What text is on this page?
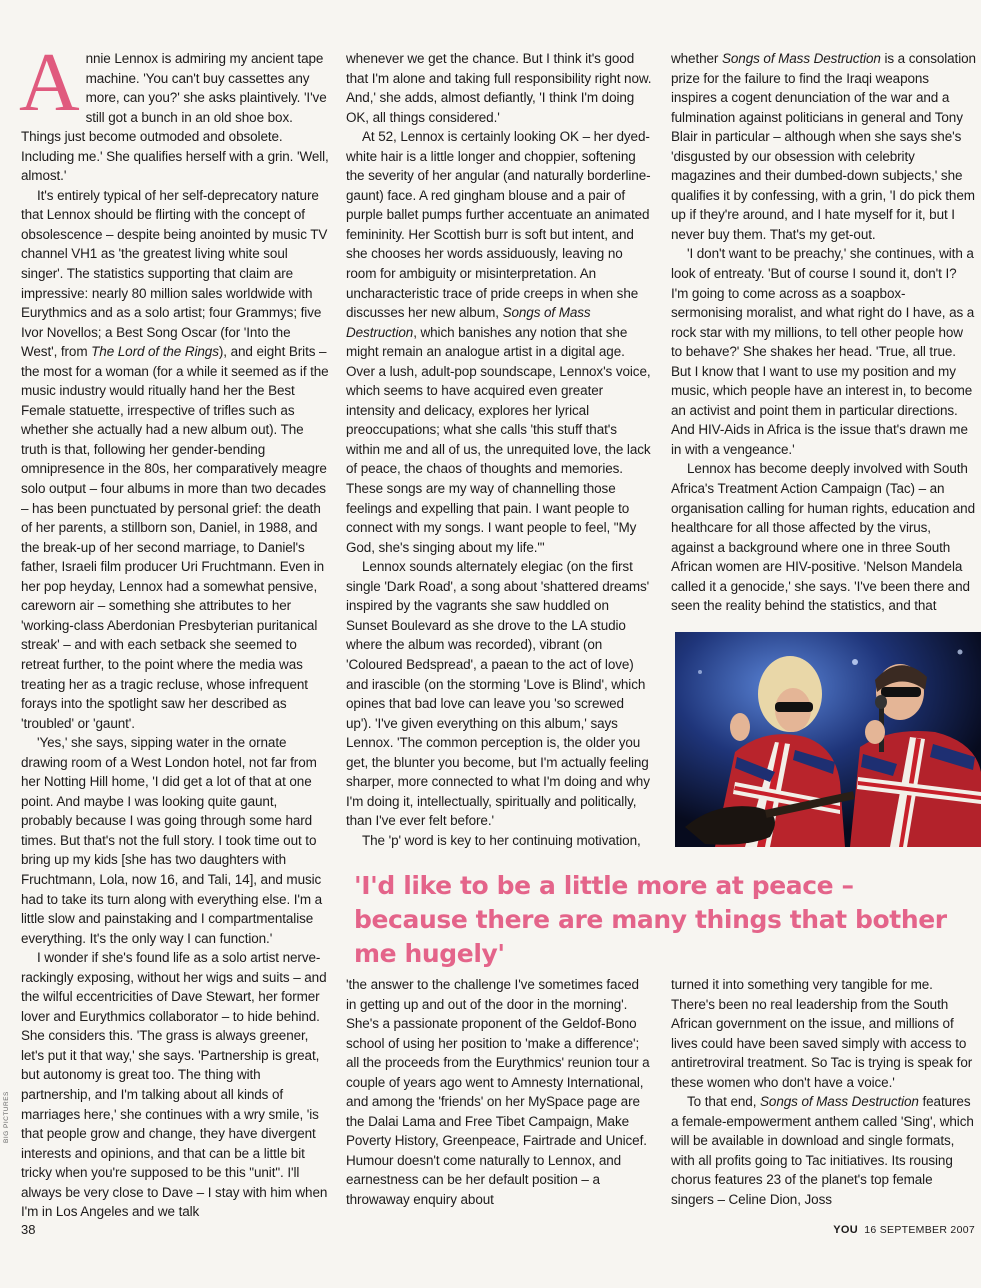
BIG PICTURES

Annie Lennox is admiring my ancient tape machine. 'You can't buy cassettes any more, can you?' she asks plaintively. 'I've still got a bunch in an old shoe box. Things just become outmoded and obsolete. Including me.' She qualifies herself with a grin. 'Well, almost.'

It's entirely typical of her self-deprecatory nature that Lennox should be flirting with the concept of obsolescence – despite being anointed by music TV channel VH1 as 'the greatest living white soul singer'. The statistics supporting that claim are impressive: nearly 80 million sales worldwide with Eurythmics and as a solo artist; four Grammys; five Ivor Novellos; a Best Song Oscar (for 'Into the West', from The Lord of the Rings), and eight Brits – the most for a woman (for a while it seemed as if the music industry would ritually hand her the Best Female statuette, irrespective of trifles such as whether she actually had a new album out). The truth is that, following her gender-bending omnipresence in the 80s, her comparatively meagre solo output – four albums in more than two decades – has been punctuated by personal grief: the death of her parents, a stillborn son, Daniel, in 1988, and the break-up of her second marriage, to Daniel's father, Israeli film producer Uri Fruchtmann. Even in her pop heyday, Lennox had a somewhat pensive, careworn air – something she attributes to her 'working-class Aberdonian Presbyterian puritanical streak' – and with each setback she seemed to retreat further, to the point where the media was treating her as a tragic recluse, whose infrequent forays into the spotlight saw her described as 'troubled' or 'gaunt'.

'Yes,' she says, sipping water in the ornate drawing room of a West London hotel, not far from her Notting Hill home, 'I did get a lot of that at one point. And maybe I was looking quite gaunt, probably because I was going through some hard times. But that's not the full story. I took time out to bring up my kids [she has two daughters with Fruchtmann, Lola, now 16, and Tali, 14], and music had to take its turn along with everything else. I'm a little slow and painstaking and I compartmentalise everything. It's the only way I can function.'

I wonder if she's found life as a solo artist nerve-rackingly exposing, without her wigs and suits – and the wilful eccentricities of Dave Stewart, her former lover and Eurythmics collaborator – to hide behind. She considers this. 'The grass is always greener, let's put it that way,' she says. 'Partnership is great, but autonomy is great too. The thing with partnership, and I'm talking about all kinds of marriages here,' she continues with a wry smile, 'is that people grow and change, they have divergent interests and opinions, and that can be a little bit tricky when you're supposed to be this "unit". I'll always be very close to Dave – I stay with him when I'm in Los Angeles and we talk

whenever we get the chance. But I think it's good that I'm alone and taking full responsibility right now. And,' she adds, almost defiantly, 'I think I'm doing OK, all things considered.'

At 52, Lennox is certainly looking OK – her dyed-white hair is a little longer and choppier, softening the severity of her angular (and naturally borderline-gaunt) face. A red gingham blouse and a pair of purple ballet pumps further accentuate an animated femininity. Her Scottish burr is soft but intent, and she chooses her words assiduously, leaving no room for ambiguity or misinterpretation. An uncharacteristic trace of pride creeps in when she discusses her new album, Songs of Mass Destruction, which banishes any notion that she might remain an analogue artist in a digital age. Over a lush, adult-pop soundscape, Lennox's voice, which seems to have acquired even greater intensity and delicacy, explores her lyrical preoccupations; what she calls 'this stuff that's within me and all of us, the unrequited love, the lack of peace, the chaos of thoughts and memories. These songs are my way of channelling those feelings and expelling that pain. I want people to connect with my songs. I want people to feel, "My God, she's singing about my life."'

Lennox sounds alternately elegiac (on the first single 'Dark Road', a song about 'shattered dreams' inspired by the vagrants she saw huddled on Sunset Boulevard as she drove to the LA studio where the album was recorded), vibrant (on 'Coloured Bedspread', a paean to the act of love) and irascible (on the storming 'Love is Blind', which opines that bad love can leave you 'so screwed up'). 'I've given everything on this album,' says Lennox. 'The common perception is, the older you get, the blunter you become, but I'm actually feeling sharper, more connected to what I'm doing and why I'm doing it, intellectually, spiritually and politically, than I've ever felt before.'

The 'p' word is key to her continuing motivation,

whether Songs of Mass Destruction is a consolation prize for the failure to find the Iraqi weapons inspires a cogent denunciation of the war and a fulmination against politicians in general and Tony Blair in particular – although when she says she's 'disgusted by our obsession with celebrity magazines and their dumbed-down subjects,' she qualifies it by confessing, with a grin, 'I do pick them up if they're around, and I hate myself for it, but I never buy them. That's my get-out.

'I don't want to be preachy,' she continues, with a look of entreaty. 'But of course I sound it, don't I? I'm going to come across as a soapbox-sermonising moralist, and what right do I have, as a rock star with my millions, to tell other people how to behave?' She shakes her head. 'True, all true. But I know that I want to use my position and my music, which people have an interest in, to become an activist and point them in particular directions. And HIV-Aids in Africa is the issue that's drawn me in with a vengeance.'

Lennox has become deeply involved with South Africa's Treatment Action Campaign (Tac) – an organisation calling for human rights, education and healthcare for all those affected by the virus, against a background where one in three South African women are HIV-positive. 'Nelson Mandela called it a genocide,' she says. 'I've been there and seen the reality behind the statistics, and that

'I'd like to be a little more at peace – because there are many things that bother me hugely'

'the answer to the challenge I've sometimes faced in getting up and out of the door in the morning'. She's a passionate proponent of the Geldof-Bono school of using her position to 'make a difference'; all the proceeds from the Eurythmics' reunion tour a couple of years ago went to Amnesty International, and among the 'friends' on her MySpace page are the Dalai Lama and Free Tibet Campaign, Make Poverty History, Greenpeace, Fairtrade and Unicef. Humour doesn't come naturally to Lennox, and earnestness can be her default position – a throwaway enquiry about

turned it into something very tangible for me. There's been no real leadership from the South African government on the issue, and millions of lives could have been saved simply with access to antiretroviral treatment. So Tac is trying is speak for these women who don't have a voice.'

To that end, Songs of Mass Destruction features a female-empowerment anthem called 'Sing', which will be available in download and single formats, with all profits going to Tac initiatives. Its rousing chorus features 23 of the planet's top female singers – Celine Dion, Joss

38	YOU 16 SEPTEMBER 2007
